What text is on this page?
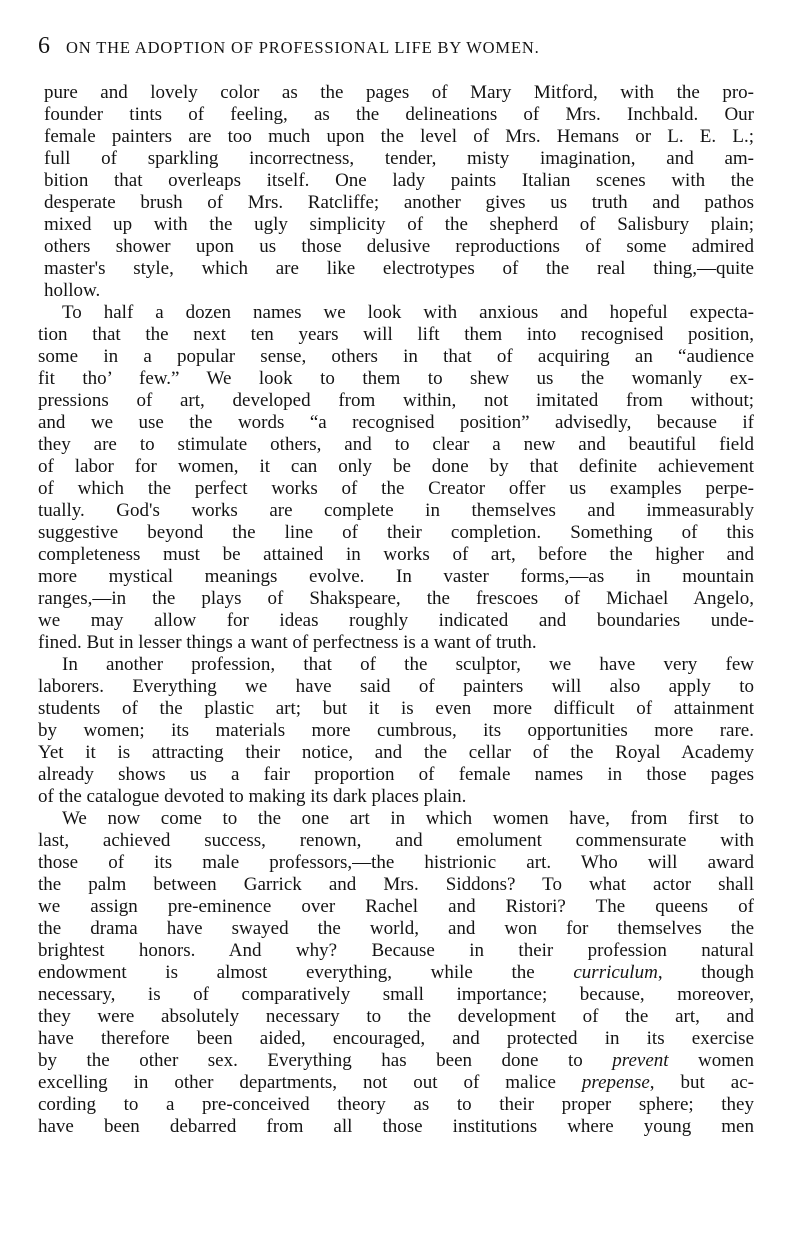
6 ON THE ADOPTION OF PROFESSIONAL LIFE BY WOMEN.
pure and lovely color as the pages of Mary Mitford, with the pro-
founder tints of feeling, as the delineations of Mrs. Inchbald. Our
female painters are too much upon the level of Mrs. Hemans or L. E. L.;
full of sparkling incorrectness, tender, misty imagination, and am-
bition that overleaps itself. One lady paints Italian scenes with the
desperate brush of Mrs. Ratcliffe; another gives us truth and pathos
mixed up with the ugly simplicity of the shepherd of Salisbury plain;
others shower upon us those delusive reproductions of some admired
master's style, which are like electrotypes of the real thing,—quite
hollow.
To half a dozen names we look with anxious and hopeful expecta-
tion that the next ten years will lift them into recognised position,
some in a popular sense, others in that of acquiring an “audience
fit tho’ few.” We look to them to shew us the womanly ex-
pressions of art, developed from within, not imitated from without;
and we use the words “a recognised position” advisedly, because if
they are to stimulate others, and to clear a new and beautiful field
of labor for women, it can only be done by that definite achievement
of which the perfect works of the Creator offer us examples perpe-
tually. God's works are complete in themselves and immeasurably
suggestive beyond the line of their completion. Something of this
completeness must be attained in works of art, before the higher and
more mystical meanings evolve. In vaster forms,—as in mountain
ranges,—in the plays of Shakspeare, the frescoes of Michael Angelo,
we may allow for ideas roughly indicated and boundaries unde-
fined. But in lesser things a want of perfectness is a want of truth.
In another profession, that of the sculptor, we have very few
laborers. Everything we have said of painters will also apply to
students of the plastic art; but it is even more difficult of attainment
by women; its materials more cumbrous, its opportunities more rare.
Yet it is attracting their notice, and the cellar of the Royal Academy
already shows us a fair proportion of female names in those pages
of the catalogue devoted to making its dark places plain.
We now come to the one art in which women have, from first to
last, achieved success, renown, and emolument commensurate with
those of its male professors,—the histrionic art. Who will award
the palm between Garrick and Mrs. Siddons? To what actor shall
we assign pre-eminence over Rachel and Ristori? The queens of
the drama have swayed the world, and won for themselves the
brightest honors. And why? Because in their profession natural
endowment is almost everything, while the curriculum, though
necessary, is of comparatively small importance; because, moreover,
they were absolutely necessary to the development of the art, and
have therefore been aided, encouraged, and protected in its exercise
by the other sex. Everything has been done to prevent women
excelling in other departments, not out of malice prepense, but ac-
cording to a pre-conceived theory as to their proper sphere; they
have been debarred from all those institutions where young men
